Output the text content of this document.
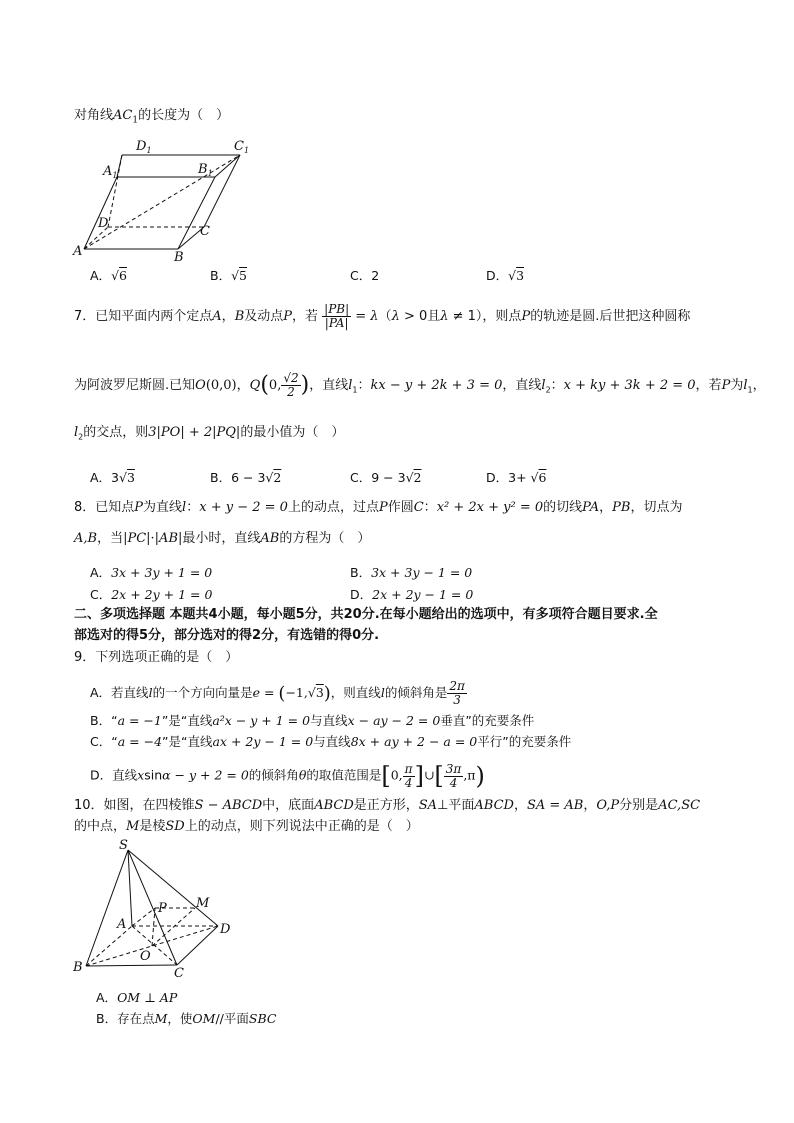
对角线$AC_1$的长度为（　）
$D_1$	$C_1$
$A_1$	$B_1$
D
C
A	B
A．√6	B．√5	C．2	D．√3
7．已知平面内两个定点A，B及动点P，若 $\frac{|PB|}{|PA|} = \lambda(\lambda > 0$且λ ≠ 1），则点P的轨迹是圆.后世把这种圆称
为阿波罗尼斯圆.已知O(0,0)，Q(0, $\frac{√2}{2}$ )，直线$l_1$：kx − y + 2k + 3 = 0，直线$l_2$：x + ky + 3k + 2 = 0，若P为$l_1$，
$l_2$的交点，则3|PO| + 2|PQ|的最小值为（　）
A．3√3	B．6 − 3√2	C．9 − 3√2	D．3+ √6
8．已知点P为直线l：x + y − 2 = 0上的动点，过点P作圆C：x² + 2x + y² = 0的切线PA，PB，切点为
A,B，当|PC|·|AB|最小时，直线AB的方程为（　）
A．3x + 3y + 1 = 0	B．3x + 3y − 1 = 0
C．2x + 2y + 1 = 0	D．2x + 2y − 1 = 0
二、多项选择题 本题共4小题，每小题5分，共20分.在每小题给出的选项中，有多项符合题目要求.全
部选对的得5分，部分选对的得2分，有选错的得0分.
9．下列选项正确的是（　）
A．若直线l的一个方向向量是e = (−1,√3)，则直线l的倾斜角是 $\frac{2\pi}{3}$
B．“a = −1”是“直线a²x − y + 1 = 0与直线x − ay − 2 = 0垂直”的充要条件
C．“a = −4”是“直线ax + 2y − 1 = 0与直线8x + ay + 2 − a = 0平行”的充要条件
D．直线xsinα − y + 2 = 0的倾斜角θ的取值范围是[0, $\frac{\pi}{4}$ ]∪[ $\frac{3\pi}{4} ,\pi$)
10．如图，在四棱锥S − ABCD中，底面ABCD是正方形，SA⊥平面ABCD，SA = AB，O,P分别是AC,SC
的中点，M是棱SD上的动点，则下列说法中正确的是（　）
S
M
P
A	D
O
B	C
A．OM ⊥ AP
B．存在点M，使OM//平面SBC
